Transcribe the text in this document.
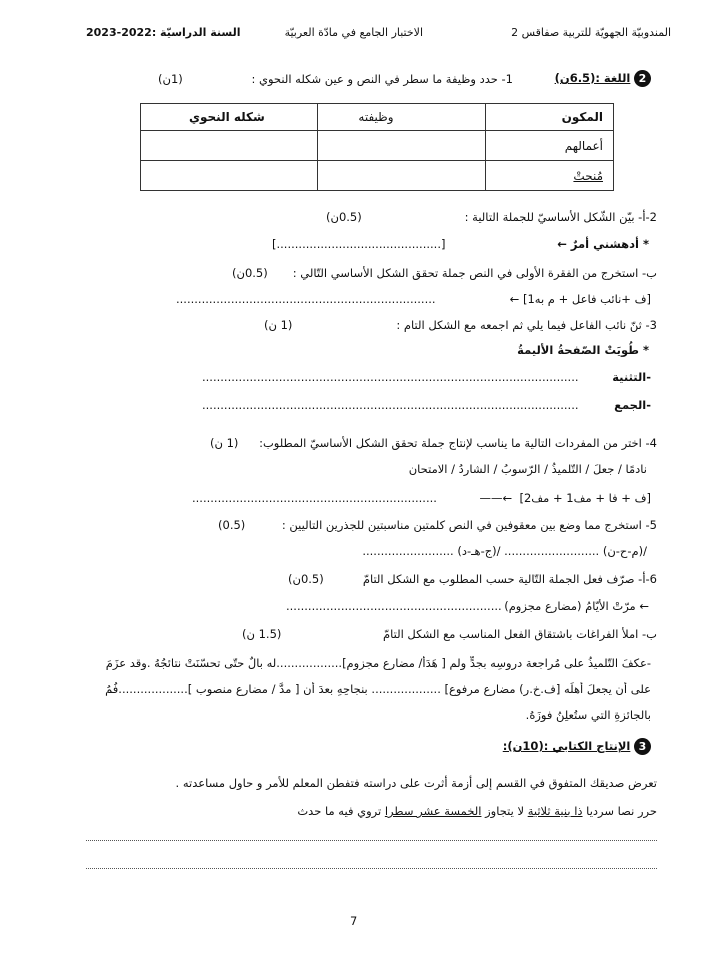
المندوبيّة الجهويّة للتربية صفاقس 2
الاختبار الجامع في مادّة العربيّة
السنة الدراسيّة :2022-2023
2 اللغة :(6.5ن)
1- حدد وظيفة ما سطر في النص و عين شكله النحوي :
(1ن)
المكون	وظيفته	شكله النحوي
أعمالهم		
مُنحتْ		
2-أ- بيّن الشّكل الأساسيّ للجملة التالية :
(0.5ن)
* أدهشني أمرٌ ←
[.............................................]
ب- استخرج من الفقرة الأولى في النص جملة تحقق الشكل الأساسي التّالي :
(0.5ن)
[ف +نائب فاعل + م به1] ←
.......................................................................
3- ثنّ نائب الفاعل فيما يلي ثم اجمعه مع الشكل التام :
(1 ن)
* طُويَتْ الصّفحةُ الأليمةُ
-التثنية
.......................................................................................................
-الجمع
.......................................................................................................
4- اختر من المفردات التالية ما يناسب لإنتاج جملة تحقق الشكل الأساسيّ المطلوب:
(1 ن)
نادمًا / جعلَ / التّلميذُ / الرّسوبُ / الشاردُ / الامتحان
[ف + فا + مف1 + مف2]  ←——
...................................................................
5- استخرج مما وضع بين معقوفين في النص كلمتين مناسبتين للجذرين التاليين :
(0.5)
/(م-ح-ن) .......................... /(ج-هـ-د) .........................
6-أ- صرّف فعل الجملة التّالية حسب المطلوب مع الشكل التامّ
(0.5ن)
← مرّتْ الأيّامُ (مضارع مجزوم)
...........................................................
ب- املأ الفراغات باشتقاق الفعل المناسب مع الشكل التامّ
(1.5 ن)
-عكفَ التّلميذُ على مُراجعة دروسِه بجدٍّ ولم [ هَدَأ/ مضارع مجزوم]..................له بالٌ حتّى تحسّنَتْ نتائجُهُ .وقد عزَمَ
على أن يجعلَ أهلَه [ف.خ.ر) مضارع مرفوع] ................... بنجاحِهِ بعدَ أن [ مدَّ / مضارع منصوب ]...................فُمُ
بالجائزةِ التي ستُعلِنُ فوزَهُ.
3 الإنتاج الكتابي :(10ن):
تعرض صديقك المتفوق في القسم إلى أزمة أثرت على دراسته فتفطن المعلم للأمر و حاول مساعدته .
حرر نصا سرديا ذا بنية ثلاثية لا يتجاوز الخمسة عشر سطرا تروي فيه ما حدث
7
